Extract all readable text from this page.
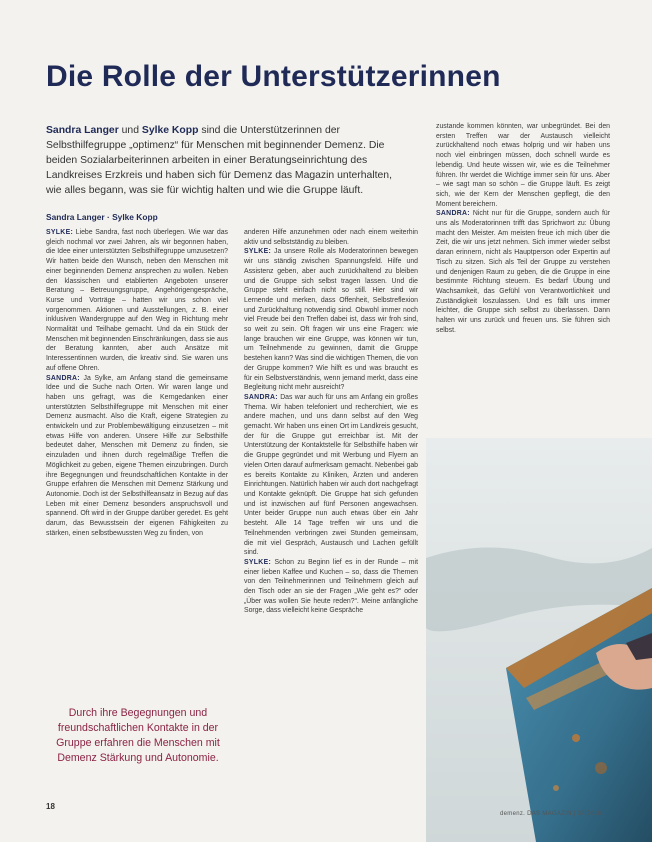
Die Rolle der Unterstützerinnen

Sandra Langer und Sylke Kopp sind die Unterstützerinnen der Selbsthilfegruppe „optimenz“ für Menschen mit beginnender Demenz. Die beiden Sozialarbeiterinnen arbeiten in einer Beratungseinrichtung des Landkreises Erzkreis und haben sich für Demenz das Magazin unterhalten, wie alles begann, was sie für wichtig halten und wie die Gruppe läuft.

Sandra Langer · Sylke Kopp

SYLKE: Liebe Sandra, fast noch überlegen. Wie war das gleich nochmal vor zwei Jahren, als wir begonnen haben, die Idee einer unterstützten Selbsthilfegruppe umzusetzen? Wir hatten beide den Wunsch, neben den Menschen mit einer beginnenden Demenz ansprechen zu wollen. Neben den klassischen und etablierten Angeboten unserer Beratung – Betreuungsgruppe, Angehörigengespräche, Kurse und Vorträge – hatten wir uns schon viel vorgenommen. Aktionen und Ausstellungen, z. B. einer inklusiven Wandergruppe auf den Weg in Richtung mehr Normalität und Teilhabe gemacht. Und da ein Stück der Menschen mit beginnenden Einschränkungen, dass sie aus der Beratung kannten, aber auch Ansätze mit Interessentinnen wurden, die kreativ sind. Sie waren uns auf offene Ohren.

SANDRA: Ja Sylke, am Anfang stand die gemeinsame Idee und die Suche nach Orten. Wir waren lange und haben uns gefragt, was die Kerngedanken einer unterstützten Selbsthilfegruppe mit Menschen mit einer Demenz ausmacht. Also die Kraft, eigene Strategien zu entwickeln und zur Problembewältigung einzusetzen – mit etwas Hilfe von anderen. Unsere Hilfe zur Selbsthilfe bedeutet daher, Menschen mit Demenz zu finden, sie einzuladen und ihnen durch regelmäßige Treffen die Möglichkeit zu geben, eigene Themen einzubringen. Durch ihre Begegnungen und freundschaftlichen Kontakte in der Gruppe erfahren die Menschen mit Demenz Stärkung und Autonomie. Doch ist der Selbsthilfeansatz in Bezug auf das Leben mit einer Demenz besonders anspruchsvoll und spannend. Oft wird in der Gruppe darüber geredet. Es geht darum, das Bewusstsein der eigenen Fähigkeiten zu stärken, einen selbstbewussten Weg zu finden, von

anderen Hilfe anzunehmen oder nach einem weiterhin aktiv und selbstständig zu bleiben.

SYLKE: Ja unsere Rolle als Moderatorinnen bewegen wir uns ständig zwischen Spannungsfeld. Hilfe und Assistenz geben, aber auch zurückhaltend zu bleiben und die Gruppe sich selbst tragen lassen. Und die Gruppe steht einfach nicht so still. Hier sind wir Lernende und merken, dass Offenheit, Selbstreflexion und Zurückhaltung notwendig sind. Obwohl immer noch viel Freude bei den Treffen dabei ist, dass wir froh sind, so weit zu sein. Oft fragen wir uns eine Fragen: wie lange brauchen wir eine Gruppe, was können wir tun, um Teilnehmende zu gewinnen, damit die Gruppe bestehen kann? Was sind die wichtigen Themen, die von der Gruppe kommen? Wie hilft es und was braucht es für ein Selbstverständnis, wenn jemand merkt, dass eine Begleitung nicht mehr ausreicht?

SANDRA: Das war auch für uns am Anfang ein großes Thema. Wir haben telefoniert und recherchiert, wie es andere machen, und uns dann selbst auf den Weg gemacht. Wir haben uns einen Ort im Landkreis gesucht, der für die Gruppe gut erreichbar ist. Mit der Unterstützung der Kontaktstelle für Selbsthilfe haben wir die Gruppe gegründet und mit Werbung und Flyern an vielen Orten darauf aufmerksam gemacht. Nebenbei gab es bereits Kontakte zu Kliniken, Ärzten und anderen Einrichtungen. Natürlich haben wir auch dort nachgefragt und Kontakte geknüpft. Die Gruppe hat sich gefunden und ist inzwischen auf fünf Personen angewachsen. Unter beider Gruppe nun auch etwas über ein Jahr besteht. Alle 14 Tage treffen wir uns und die Teilnehmenden verbringen zwei Stunden gemeinsam, die mit viel Gespräch, Austausch und Lachen gefüllt sind.

SYLKE: Schon zu Beginn lief es in der Runde – mit einer lieben Kaffee und Kuchen – so, dass die Themen von den Teilnehmerinnen und Teilnehmern gleich auf den Tisch oder an sie der Fragen „Wie geht es?“ oder „Über was wollen Sie heute reden?“. Meine anfängliche Sorge, dass vielleicht keine Gespräche

zustande kommen könnten, war unbegründet. Bei den ersten Treffen war der Austausch vielleicht zurückhaltend noch etwas holprig und wir haben uns noch viel einbringen müssen, doch schnell wurde es lebendig. Und heute wissen wir, wie es die Teilnehmer führen. Ihr werdet die Wichtige immer sein für uns. Aber – wie sagt man so schön – die Gruppe läuft. Es zeigt sich, wie der Kern der Menschen gepflegt, die den Moment bereichern.

SANDRA: Nicht nur für die Gruppe, sondern auch für uns als Moderatorinnen trifft das Sprichwort zu: Übung macht den Meister. Am meisten freue ich mich über die Zeit, die wir uns jetzt nehmen. Sich immer wieder selbst daran erinnern, nicht als Hauptperson oder Expertin auf Tisch zu sitzen. Sich als Teil der Gruppe zu verstehen und denjenigen Raum zu geben, die die Gruppe in eine bestimmte Richtung steuern. Es bedarf Übung und Wachsamkeit, das Gefühl von Verantwortlichkeit und Zuständigkeit loszulassen. Und es fällt uns immer leichter, die Gruppe sich selbst zu überlassen. Dann halten wir uns zurück und freuen uns. Sie führen sich selbst.

Durch ihre Begegnungen und freundschaftlichen Kontakte in der Gruppe erfahren die Menschen mit Demenz Stärkung und Autonomie.

18
demenz. DAS MAGAZIN | 37/2018
